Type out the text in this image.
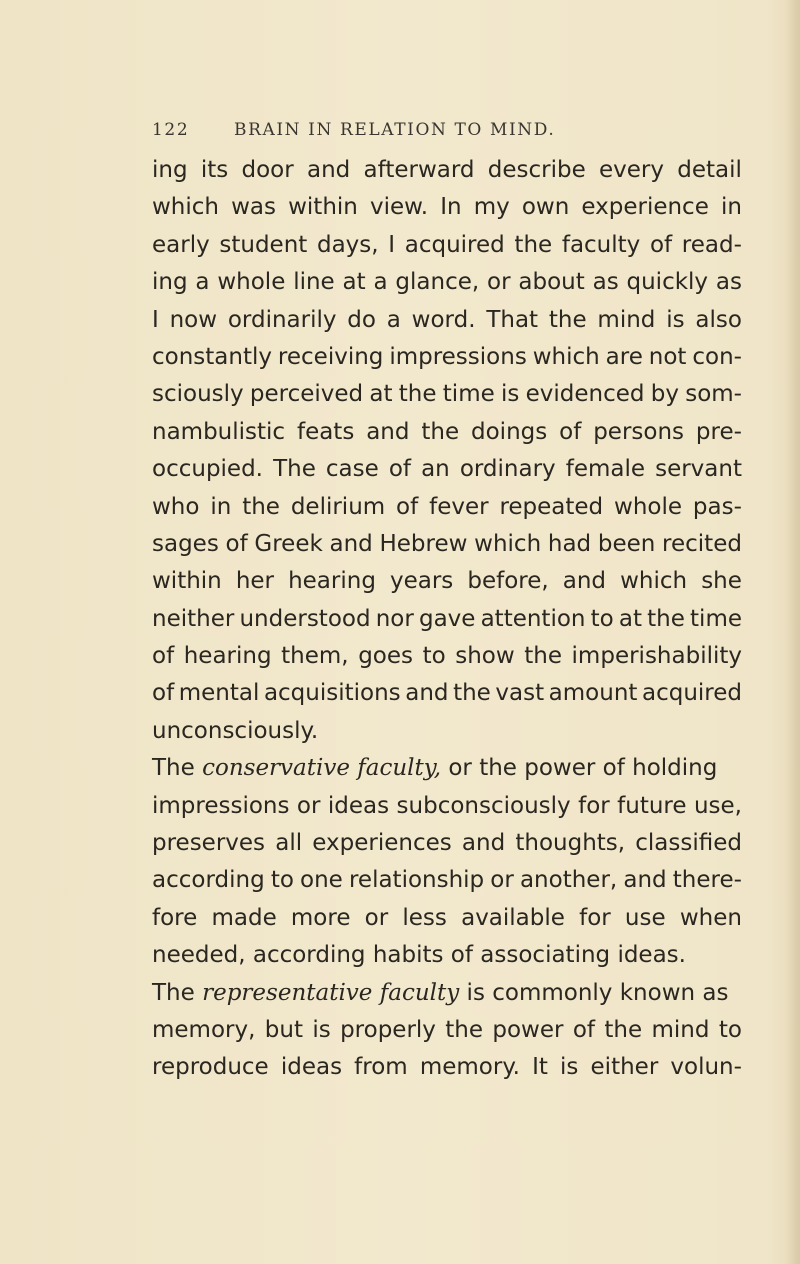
122	BRAIN IN RELATION TO MIND.
ing its door and afterward describe every detail
which was within view. In my own experience in
early student days, I acquired the faculty of read-
ing a whole line at a glance, or about as quickly as
I now ordinarily do a word. That the mind is also
constantly receiving impressions which are not con-
sciously perceived at the time is evidenced by som-
nambulistic feats and the doings of persons pre-
occupied. The case of an ordinary female servant
who in the delirium of fever repeated whole pas-
sages of Greek and Hebrew which had been recited
within her hearing years before, and which she
neither understood nor gave attention to at the time
of hearing them, goes to show the imperishability
of mental acquisitions and the vast amount acquired
unconsciously.
The conservative faculty, or the power of holding
impressions or ideas subconsciously for future use,
preserves all experiences and thoughts, classified
according to one relationship or another, and there-
fore made more or less available for use when
needed, according habits of associating ideas.
The representative faculty is commonly known as
memory, but is properly the power of the mind to
reproduce ideas from memory. It is either volun-
